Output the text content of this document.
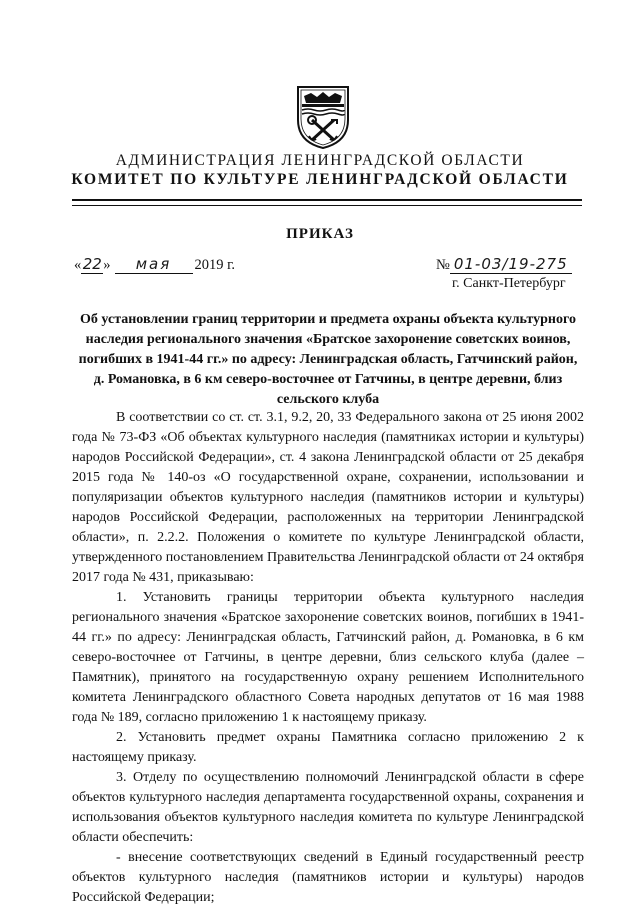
АДМИНИСТРАЦИЯ ЛЕНИНГРАДСКОЙ ОБЛАСТИ
КОМИТЕТ ПО КУЛЬТУРЕ ЛЕНИНГРАДСКОЙ ОБЛАСТИ
ПРИКАЗ
«22» мая 2019 г.	№ 01-03/19-275
г. Санкт-Петербург
Об установлении границ территории и предмета охраны объекта культурного наследия регионального значения «Братское захоронение советских воинов, погибших в 1941-44 гг.» по адресу: Ленинградская область, Гатчинский район, д. Романовка, в 6 км северо-восточнее от Гатчины, в центре деревни, близ сельского клуба

В соответствии со ст. ст. 3.1, 9.2, 20, 33 Федерального закона от 25 июня 2002 года № 73-ФЗ «Об объектах культурного наследия (памятниках истории и культуры) народов Российской Федерации», ст. 4 закона Ленинградской области от 25 декабря 2015 года № 140-оз «О государственной охране, сохранении, использовании и популяризации объектов культурного наследия (памятников истории и культуры) народов Российской Федерации, расположенных на территории Ленинградской области», п. 2.2.2. Положения о комитете по культуре Ленинградской области, утвержденного постановлением Правительства Ленинградской области от 24 октября 2017 года № 431, приказываю:

1. Установить границы территории объекта культурного наследия регионального значения «Братское захоронение советских воинов, погибших в 1941-44 гг.» по адресу: Ленинградская область, Гатчинский район, д. Романовка, в 6 км северо-восточнее от Гатчины, в центре деревни, близ сельского клуба (далее – Памятник), принятого на государственную охрану решением Исполнительного комитета Ленинградского областного Совета народных депутатов от 16 мая 1988 года № 189, согласно приложению 1 к настоящему приказу.

2. Установить предмет охраны Памятника согласно приложению 2 к настоящему приказу.

3. Отделу по осуществлению полномочий Ленинградской области в сфере объектов культурного наследия департамента государственной охраны, сохранения и использования объектов культурного наследия комитета по культуре Ленинградской области обеспечить:

- внесение соответствующих сведений в Единый государственный реестр объектов культурного наследия (памятников истории и культуры) народов Российской Федерации;
